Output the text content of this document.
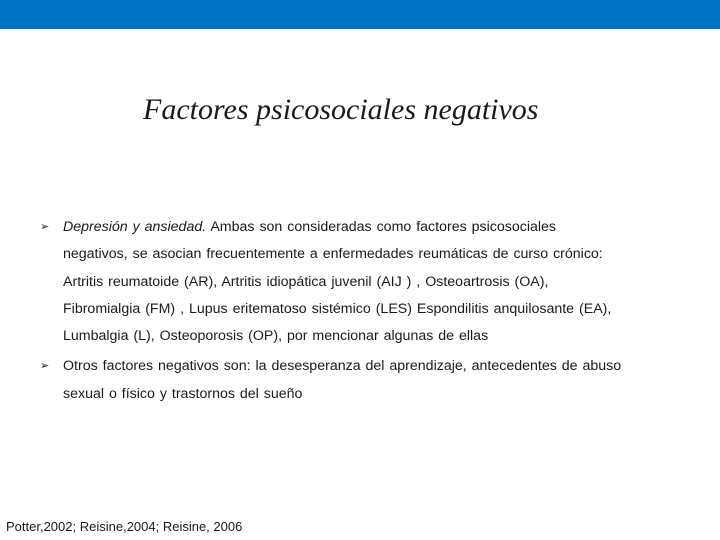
Factores psicosociales negativos
➢ Depresión y ansiedad. Ambas son consideradas como factores psicosociales
negativos, se asocian frecuentemente a enfermedades reumáticas de curso crónico:
Artritis reumatoide (AR), Artritis idiopática juvenil (AIJ ) , Osteoartrosis (OA),
Fibromialgia (FM) , Lupus eritematoso sistémico (LES) Espondilitis anquilosante (EA),
Lumbalgia (L), Osteoporosis (OP), por mencionar algunas de ellas
➢ Otros factores negativos son: la desesperanza del aprendizaje, antecedentes de abuso
sexual o físico y trastornos del sueño
Potter,2002; Reisine,2004; Reisine, 2006
